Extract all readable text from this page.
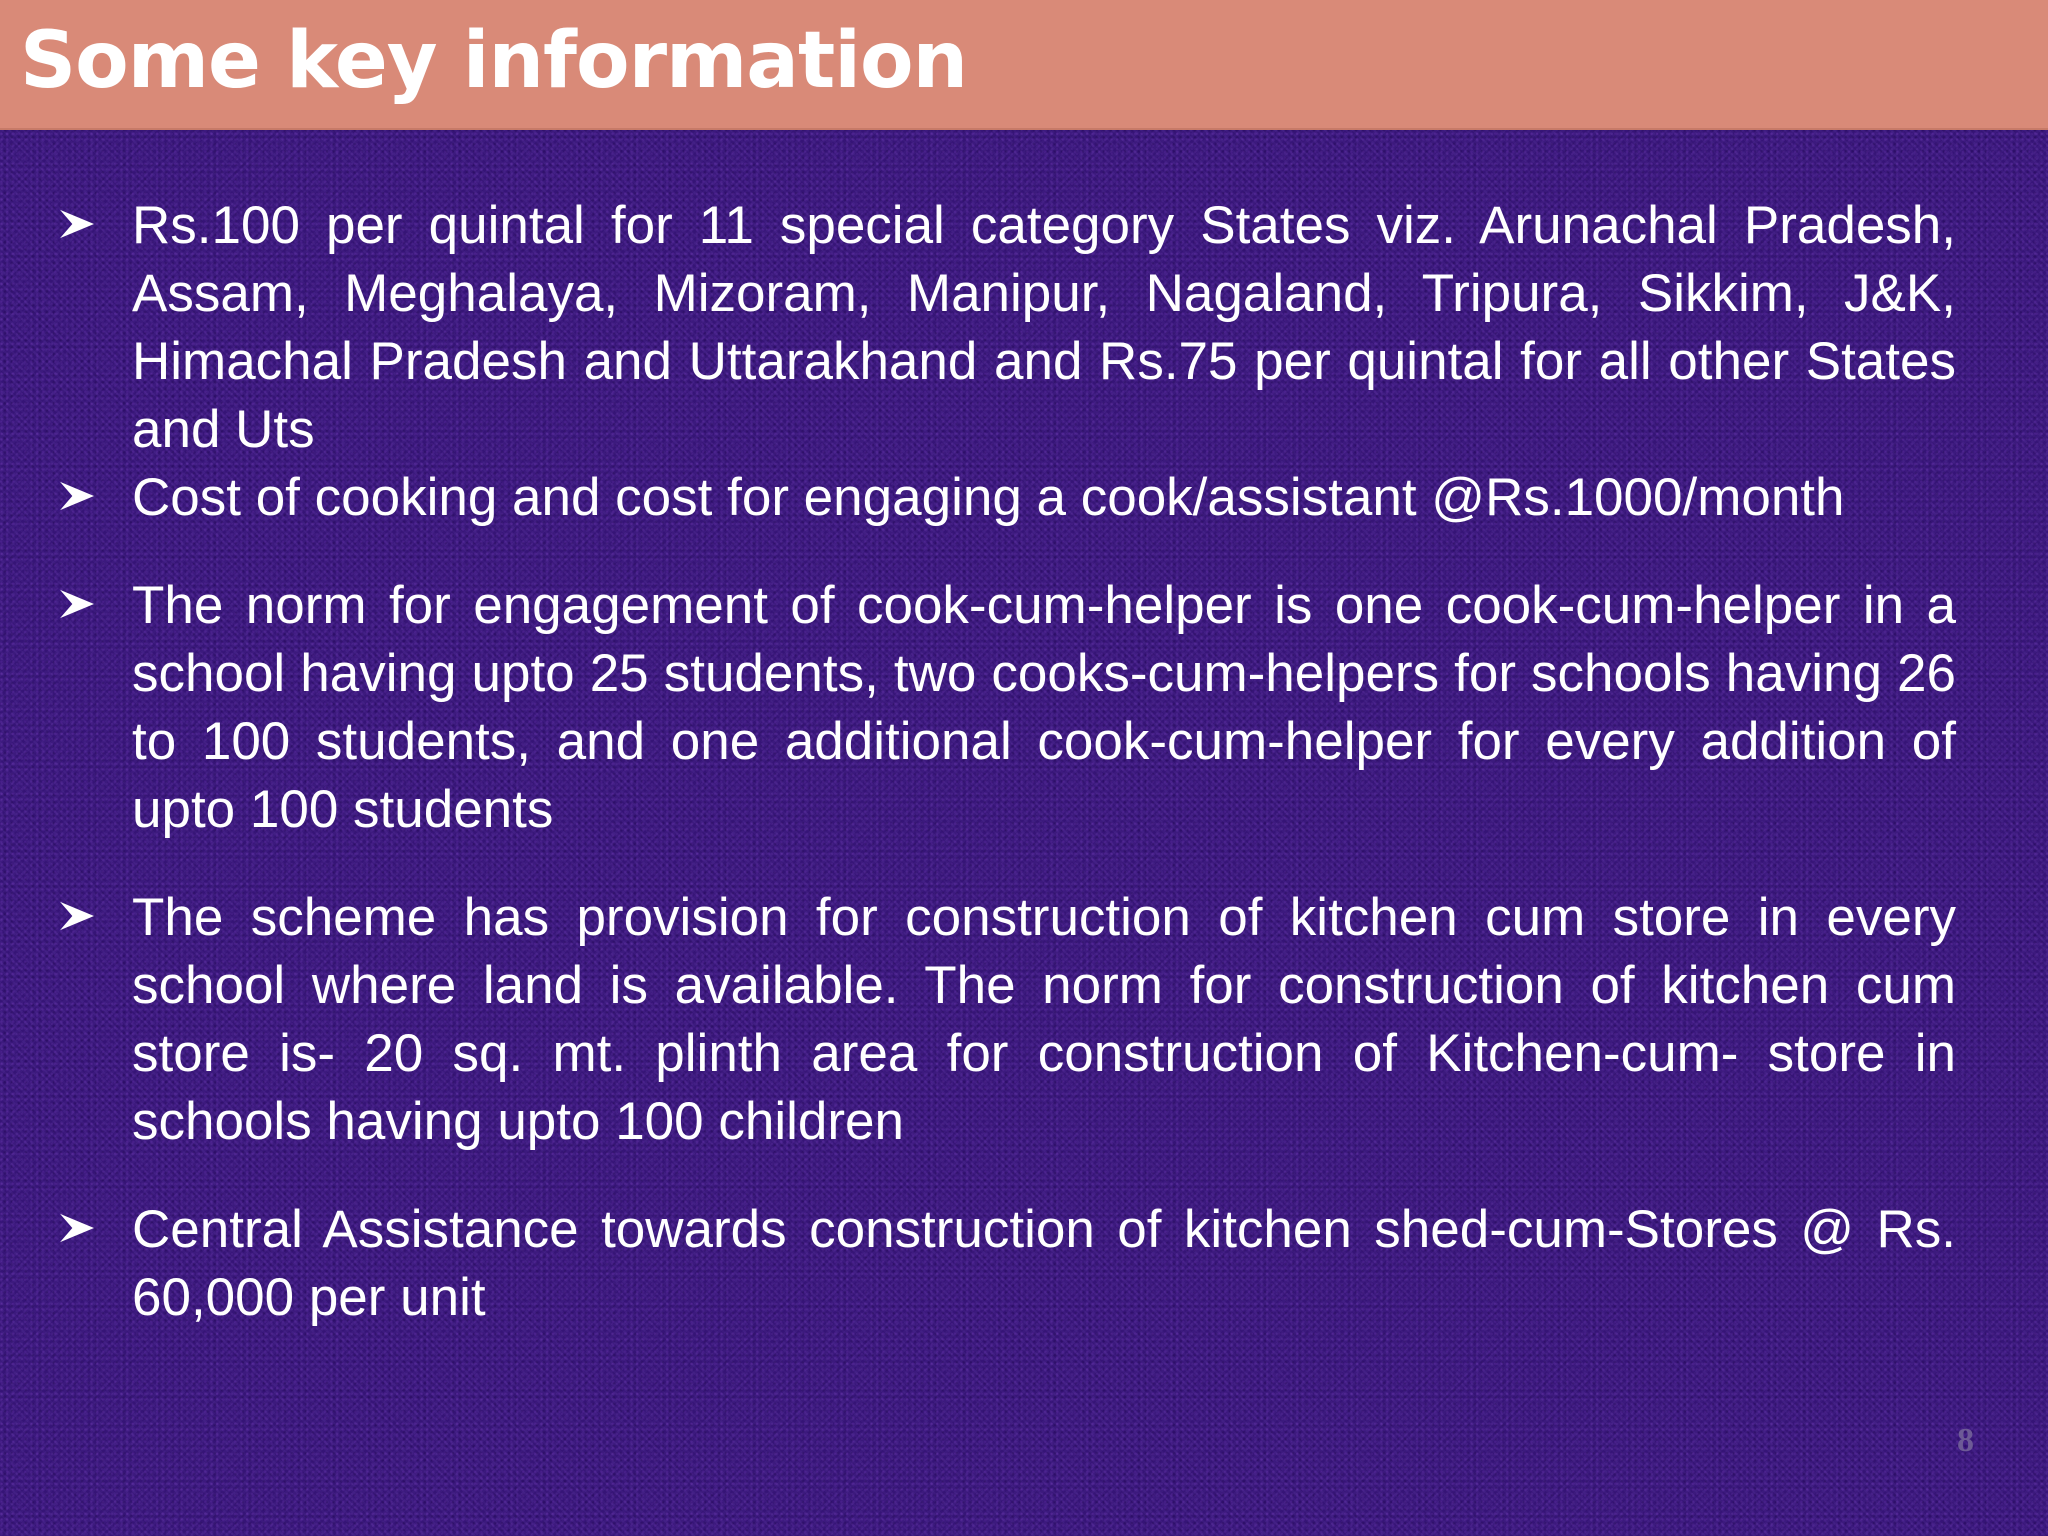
Some key information
Rs.100 per quintal for 11 special category States viz. Arunachal Pradesh, Assam, Meghalaya, Mizoram, Manipur, Nagaland, Tripura, Sikkim, J&K, Himachal Pradesh and Uttarakhand and Rs.75 per quintal for all other States and Uts
Cost of cooking and cost for engaging a cook/assistant @Rs.1000/month
The norm for engagement of cook-cum-helper is one cook-cum-helper in a school having upto 25 students, two cooks-cum-helpers for schools having 26 to 100 students, and one additional cook-cum-helper for every addition of upto 100 students
The scheme has provision for construction of kitchen cum store in every school where land is available. The norm for construction of kitchen cum store is- 20 sq. mt. plinth area for construction of Kitchen-cum- store in schools having upto 100 children
Central Assistance towards construction of kitchen shed-cum-Stores @ Rs. 60,000 per unit
8
